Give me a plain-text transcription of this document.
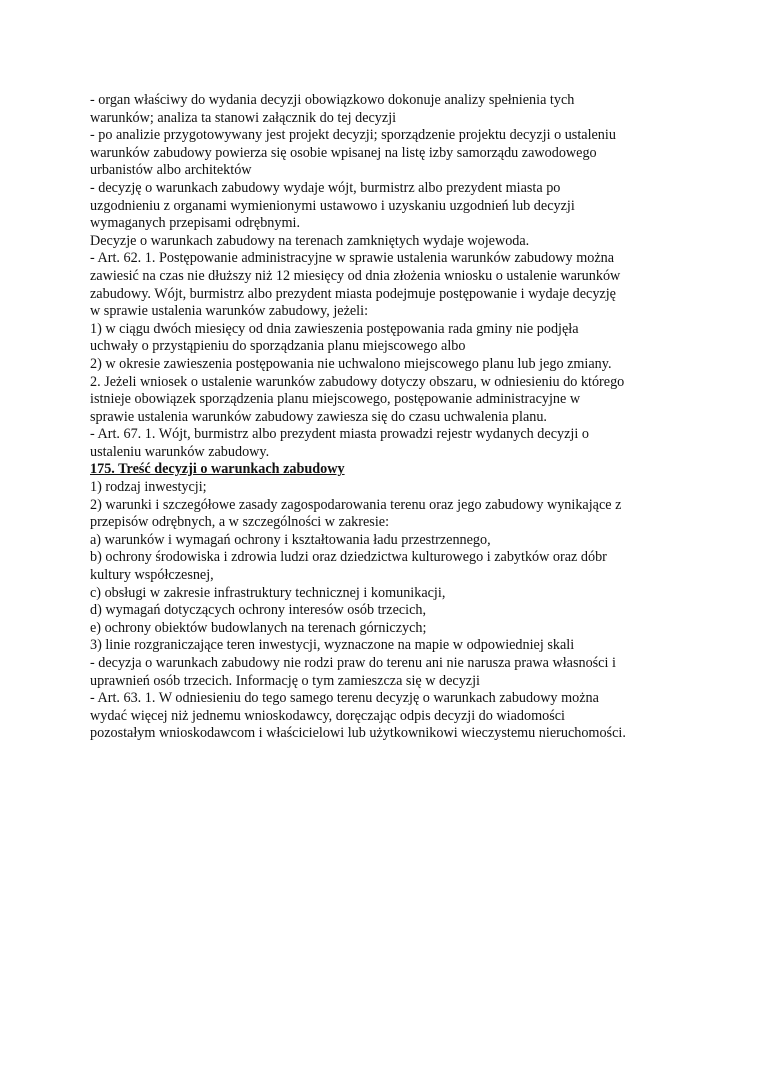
- organ właściwy do wydania decyzji obowiązkowo dokonuje analizy spełnienia tych
warunków; analiza ta stanowi załącznik do tej decyzji
- po analizie przygotowywany jest projekt decyzji; sporządzenie projektu decyzji o ustaleniu
warunków zabudowy powierza się osobie wpisanej na listę izby samorządu zawodowego
urbanistów albo architektów
- decyzję o warunkach zabudowy wydaje wójt, burmistrz albo prezydent miasta po
uzgodnieniu z organami wymienionymi ustawowo i uzyskaniu uzgodnień lub decyzji
wymaganych przepisami odrębnymi.
Decyzje o warunkach zabudowy na terenach zamkniętych wydaje wojewoda.
- Art. 62. 1. Postępowanie administracyjne w sprawie ustalenia warunków zabudowy można
zawiesić na czas nie dłuższy niż 12 miesięcy od dnia złożenia wniosku o ustalenie warunków
zabudowy. Wójt, burmistrz albo prezydent miasta podejmuje postępowanie i wydaje decyzję
w sprawie ustalenia warunków zabudowy, jeżeli:
1) w ciągu dwóch miesięcy od dnia zawieszenia postępowania rada gminy nie podjęła
uchwały o przystąpieniu do sporządzania planu miejscowego albo
2) w okresie zawieszenia postępowania nie uchwalono miejscowego planu lub jego zmiany.
2. Jeżeli wniosek o ustalenie warunków zabudowy dotyczy obszaru, w odniesieniu do którego
istnieje obowiązek sporządzenia planu miejscowego, postępowanie administracyjne w
sprawie ustalenia warunków zabudowy zawiesza się do czasu uchwalenia planu.
- Art. 67. 1. Wójt, burmistrz albo prezydent miasta prowadzi rejestr wydanych decyzji o
ustaleniu warunków zabudowy.
175. Treść decyzji o warunkach zabudowy
1) rodzaj inwestycji;
2) warunki i szczegółowe zasady zagospodarowania terenu oraz jego zabudowy wynikające z
przepisów odrębnych, a w szczególności w zakresie:
a) warunków i wymagań ochrony i kształtowania ładu przestrzennego,
b) ochrony środowiska i zdrowia ludzi oraz dziedzictwa kulturowego i zabytków oraz dóbr
kultury współczesnej,
c) obsługi w zakresie infrastruktury technicznej i komunikacji,
d) wymagań dotyczących ochrony interesów osób trzecich,
e) ochrony obiektów budowlanych na terenach górniczych;
3) linie rozgraniczające teren inwestycji, wyznaczone na mapie w odpowiedniej skali
- decyzja o warunkach zabudowy nie rodzi praw do terenu ani nie narusza prawa własności i
uprawnień osób trzecich. Informację o tym zamieszcza się w decyzji
- Art. 63. 1. W odniesieniu do tego samego terenu decyzję o warunkach zabudowy można
wydać więcej niż jednemu wnioskodawcy, doręczając odpis decyzji do wiadomości
pozostałym wnioskodawcom i właścicielowi lub użytkownikowi wieczystemu nieruchomości.
